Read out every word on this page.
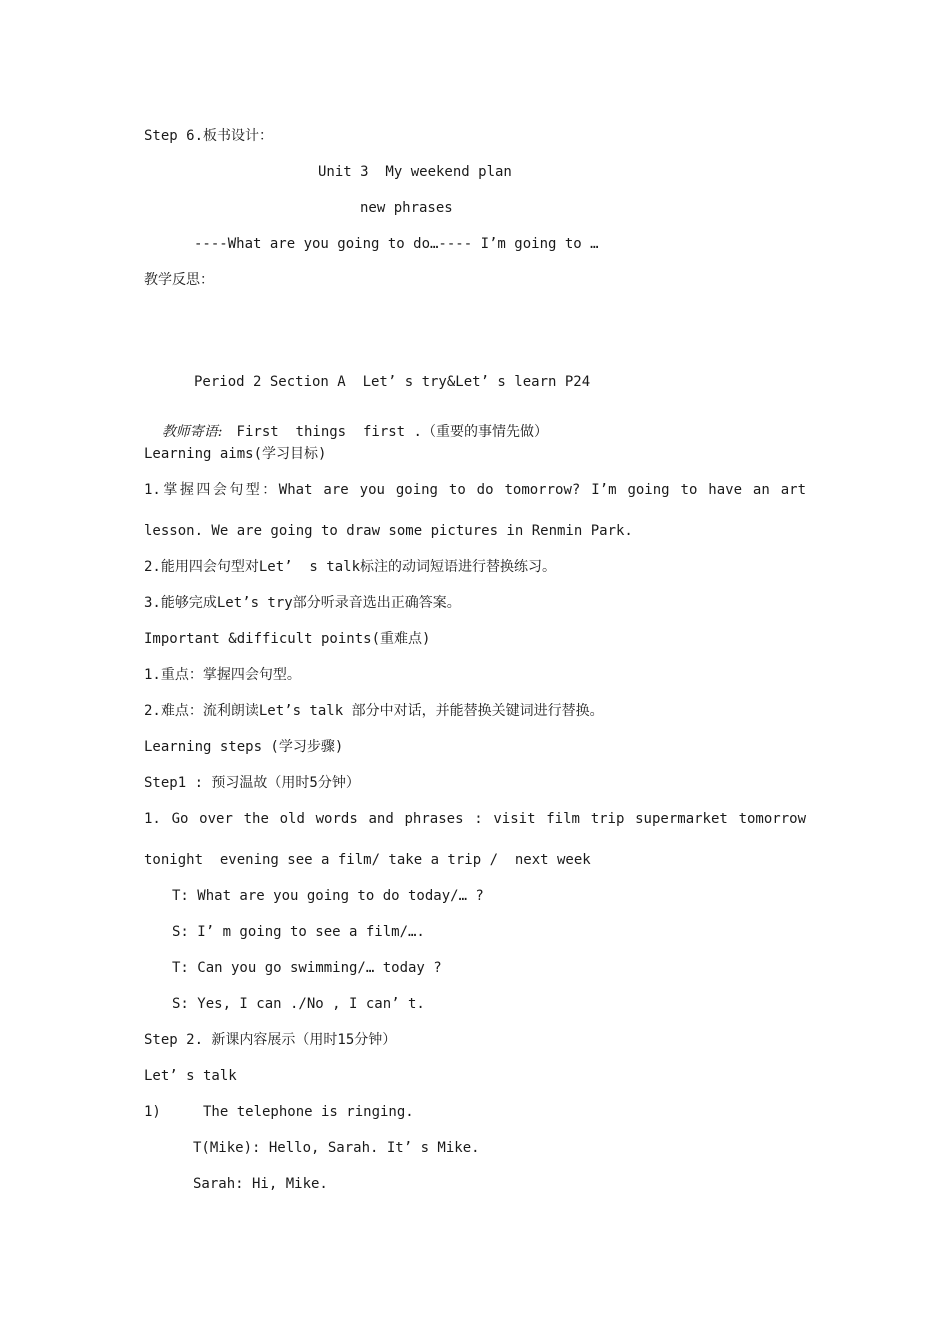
Step 6.板书设计：
Unit 3  My weekend plan
new phrases
----What are you going to do…---- I’m going to …
教学反思：
Period 2 Section A  Let’ s try&Let’ s learn P24

教师寄语: First  things  first .（重要的事情先做）

Learning aims(学习目标)
1.掌握四会句型：What are you going to do tomorrow? I’m going to have an art
lesson. We are going to draw some pictures in Renmin Park.
2.能用四会句型对Let’  s talk标注的动词短语进行替换练习。
3.能够完成Let’s try部分听录音选出正确答案。
Important &difficult points(重难点)
1.重点：掌握四会句型。
2.难点：流利朗读Let’s talk 部分中对话，并能替换关键词进行替换。
Learning steps (学习步骤)
Step1 : 预习温故（用时5分钟）
1. Go over the old words and phrases : visit film trip supermarket tomorrow
tonight  evening see a film/ take a trip /  next week
T: What are you going to do today/… ?
S: I’ m going to see a film/….
T: Can you go swimming/… today ?
S: Yes, I can ./No , I can’ t.
Step 2. 新课内容展示（用时15分钟）
Let’ s talk
1)     The telephone is ringing.
T(Mike): Hello, Sarah. It’ s Mike.
Sarah: Hi, Mike.
